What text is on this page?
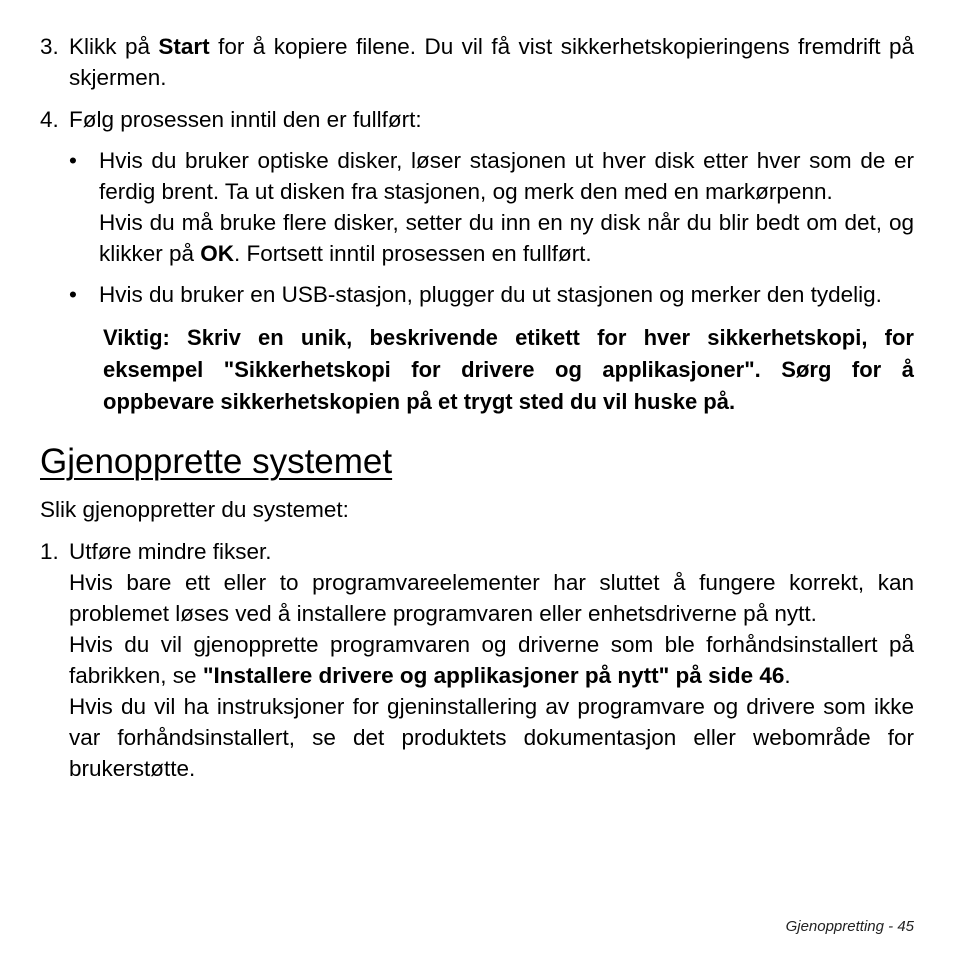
3. Klikk på Start for å kopiere filene. Du vil få vist sikkerhetskopieringens fremdrift på skjermen.
4. Følg prosessen inntil den er fullført:
• Hvis du bruker optiske disker, løser stasjonen ut hver disk etter hver som de er ferdig brent. Ta ut disken fra stasjonen, og merk den med en markørpenn.
Hvis du må bruke flere disker, setter du inn en ny disk når du blir bedt om det, og klikker på OK. Fortsett inntil prosessen en fullført.
• Hvis du bruker en USB-stasjon, plugger du ut stasjonen og merker den tydelig.
Viktig: Skriv en unik, beskrivende etikett for hver sikkerhetskopi, for eksempel "Sikkerhetskopi for drivere og applikasjoner". Sørg for å oppbevare sikkerhetskopien på et trygt sted du vil huske på.
Gjenopprette systemet
Slik gjenoppretter du systemet:
1. Utføre mindre fikser.
Hvis bare ett eller to programvareelementer har sluttet å fungere korrekt, kan problemet løses ved å installere programvaren eller enhetsdriverne på nytt.
Hvis du vil gjenopprette programvaren og driverne som ble forhåndsinstallert på fabrikken, se "Installere drivere og applikasjoner på nytt" på side 46.
Hvis du vil ha instruksjoner for gjeninstallering av programvare og drivere som ikke var forhåndsinstallert, se det produktets dokumentasjon eller webområde for brukerstøtte.
Gjenoppretting - 45
